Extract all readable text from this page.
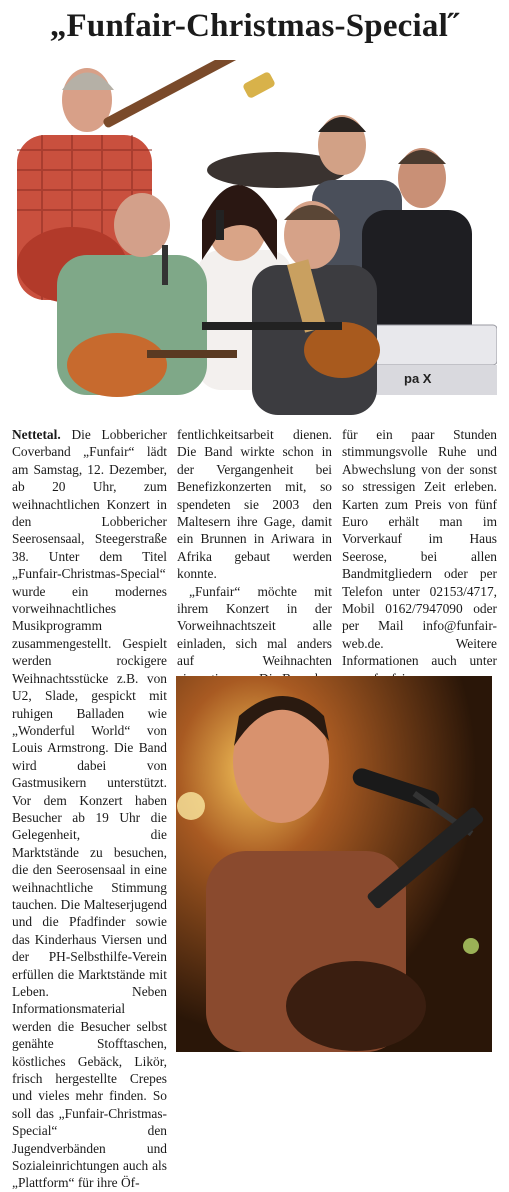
„Funfair-Christmas-Special˝
pa X

Nettetal. Die Lobbericher Coverband „Funfair“ lädt am Samstag, 12. Dezember, ab 20 Uhr, zum weihnachtlichen Konzert in den Lobbericher Seerosensaal, Steegerstraße 38. Unter dem Titel „Funfair-Christmas-Special“ wurde ein modernes vorweihnachtliches Musikprogramm zusammengestellt. Gespielt werden rockigere Weihnachtsstücke z.B. von U2, Slade, gespickt mit ruhigen Balladen wie „Wonderful World“ von Louis Armstrong. Die Band wird dabei von Gastmusikern unterstützt. Vor dem Konzert haben Besucher ab 19 Uhr die Gelegenheit, die Marktstände zu besuchen, die den Seerosensaal in eine weihnachtliche Stimmung tauchen. Die Malteserjugend und die Pfadfinder sowie das Kinderhaus Viersen und der PH-Selbsthilfe-Verein erfüllen die Marktstände mit Leben. Neben Informationsmaterial werden die Besucher selbst genähte Stofftaschen, köstliches Gebäck, Likör, frisch hergestellte Crepes und vieles mehr finden. So soll das „Funfair-Christmas-Special“ den Jugendverbänden und Sozialeinrichtungen auch als „Plattform“ für ihre Öf-

fentlichkeitsarbeit dienen. Die Band wirkte schon in der Vergangenheit bei Benefizkonzerten mit, so spendeten sie 2003 den Maltesern ihre Gage, damit ein Brunnen in Ariwara in Afrika gebaut werden konnte.

„Funfair“ möchte mit ihrem Konzert in der Vorweihnachtszeit alle einladen, sich mal anders auf Weihnachten

für ein paar Stunden stimmungsvolle Ruhe und Abwechslung von der sonst so stressigen Zeit erleben. Karten zum Preis von fünf Euro erhält man im Vorverkauf im Haus Seerose, bei allen Bandmitgliedern oder per Telefon unter 02153/4717, Mobil 0162/7947090 oder per Mail info@funfair-web.de. Weitere Informationen auch unter
